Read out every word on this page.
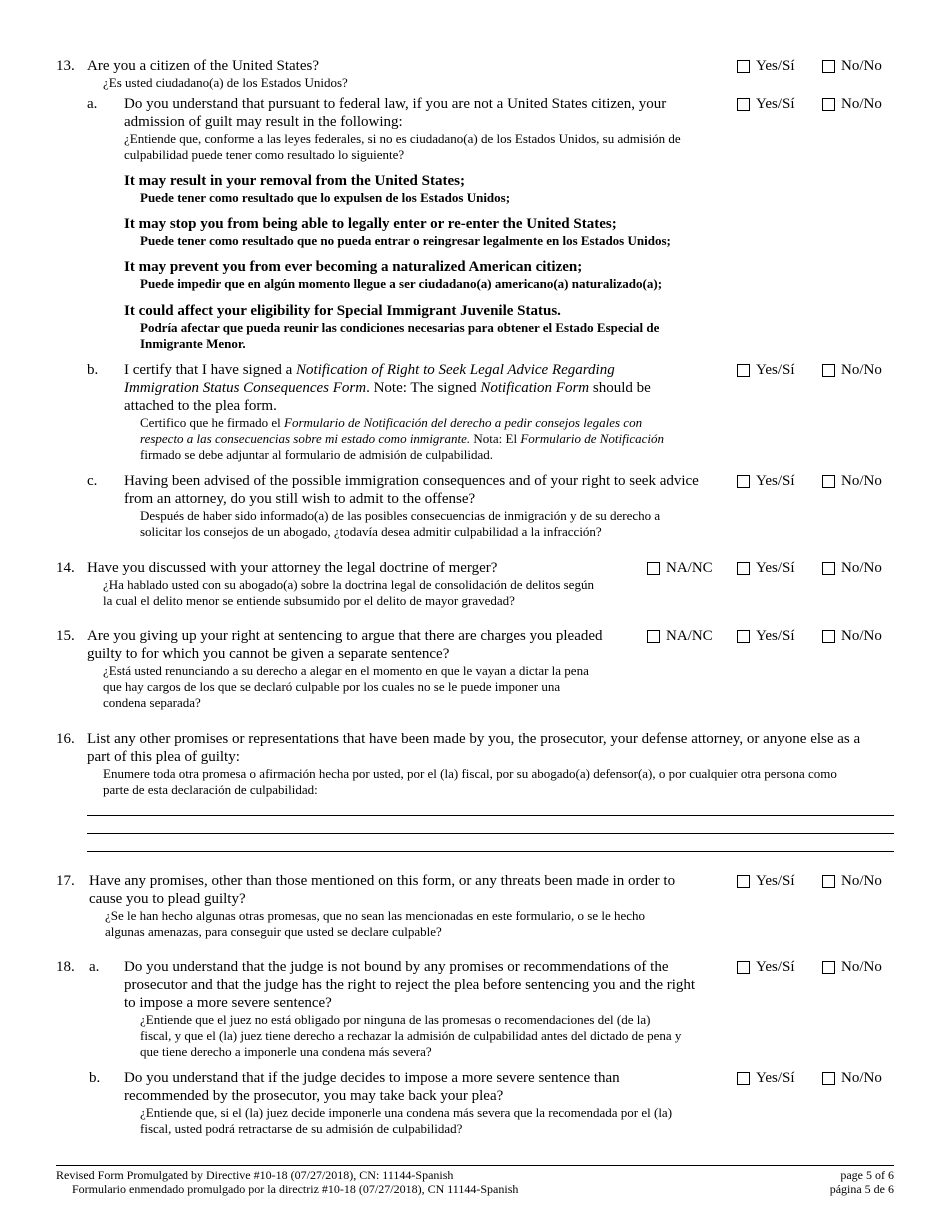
13. Are you a citizen of the United States?
¿Es usted ciudadano(a) de los Estados Unidos?
Yes/Sí	No/No
a. Do you understand that pursuant to federal law, if you are not a United States citizen, your
admission of guilt may result in the following:
¿Entiende que, conforme a las leyes federales, si no es ciudadano(a) de los Estados Unidos, su admisión de
culpabilidad puede tener como resultado lo siguiente?
Yes/Sí	No/No
It may result in your removal from the United States;
Puede tener como resultado que lo expulsen de los Estados Unidos;
It may stop you from being able to legally enter or re-enter the United States;
Puede tener como resultado que no pueda entrar o reingresar legalmente en los Estados Unidos;
It may prevent you from ever becoming a naturalized American citizen;
Puede impedir que en algún momento llegue a ser ciudadano(a) americano(a) naturalizado(a);
It could affect your eligibility for Special Immigrant Juvenile Status.
Podría afectar que pueda reunir las condiciones necesarias para obtener el Estado Especial de
Inmigrante Menor.
b. I certify that I have signed a Notification of Right to Seek Legal Advice Regarding
Immigration Status Consequences Form. Note: The signed Notification Form should be
attached to the plea form.
Certifico que he firmado el Formulario de Notificación del derecho a pedir consejos legales con
respecto a las consecuencias sobre mi estado como inmigrante. Nota: El Formulario de Notificación
firmado se debe adjuntar al formulario de admisión de culpabilidad.
Yes/Sí	No/No
c. Having been advised of the possible immigration consequences and of your right to seek advice
from an attorney, do you still wish to admit to the offense?
Después de haber sido informado(a) de las posibles consecuencias de inmigración y de su derecho a
solicitar los consejos de un abogado, ¿todavía desea admitir culpabilidad a la infracción?
Yes/Sí	No/No
14. Have you discussed with your attorney the legal doctrine of merger?
¿Ha hablado usted con su abogado(a) sobre la doctrina legal de consolidación de delitos según
la cual el delito menor se entiende subsumido por el delito de mayor gravedad?
NA/NC	Yes/Sí	No/No
15. Are you giving up your right at sentencing to argue that there are charges you pleaded
guilty to for which you cannot be given a separate sentence?
¿Está usted renunciando a su derecho a alegar en el momento en que le vayan a dictar la pena
que hay cargos de los que se declaró culpable por los cuales no se le puede imponer una
condena separada?
NA/NC	Yes/Sí	No/No
16. List any other promises or representations that have been made by you, the prosecutor, your defense attorney, or anyone else as a
part of this plea of guilty:
Enumere toda otra promesa o afirmación hecha por usted, por el (la) fiscal, por su abogado(a) defensor(a), o por cualquier otra persona como
parte de esta declaración de culpabilidad:
17. Have any promises, other than those mentioned on this form, or any threats been made in order to
cause you to plead guilty?
¿Se le han hecho algunas otras promesas, que no sean las mencionadas en este formulario, o se le hecho
algunas amenazas, para conseguir que usted se declare culpable?
Yes/Sí	No/No
18. a. Do you understand that the judge is not bound by any promises or recommendations of the
prosecutor and that the judge has the right to reject the plea before sentencing you and the right
to impose a more severe sentence?
¿Entiende que el juez no está obligado por ninguna de las promesas o recomendaciones del (de la)
fiscal, y que el (la) juez tiene derecho a rechazar la admisión de culpabilidad antes del dictado de pena y
que tiene derecho a imponerle una condena más severa?
Yes/Sí	No/No
b. Do you understand that if the judge decides to impose a more severe sentence than
recommended by the prosecutor, you may take back your plea?
¿Entiende que, si el (la) juez decide imponerle una condena más severa que la recomendada por el (la)
fiscal, usted podrá retractarse de su admisión de culpabilidad?
Yes/Sí	No/No
Revised Form Promulgated by Directive #10-18 (07/27/2018), CN: 11144-Spanish
Formulario enmendado promulgado por la directriz #10-18 (07/27/2018), CN 11144-Spanish
page 5 of 6
página 5 de 6
